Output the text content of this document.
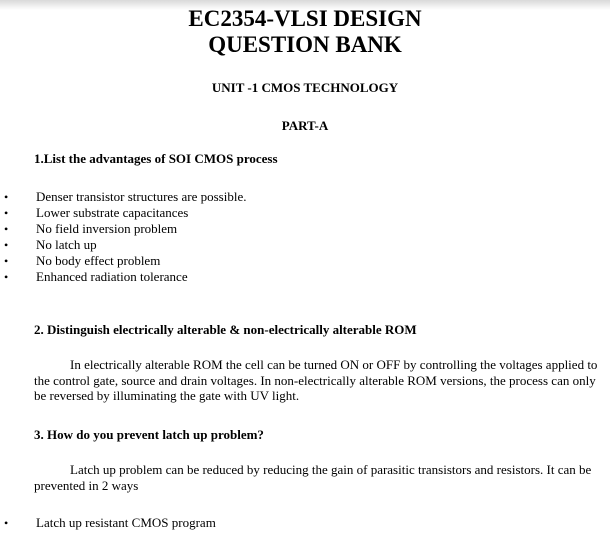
EC2354-VLSI DESIGN
QUESTION BANK

UNIT -1 CMOS TECHNOLOGY

PART-A

1.List the advantages of SOI CMOS process

• Denser transistor structures are possible.
• Lower substrate capacitances
• No field inversion problem
• No latch up
• No body effect problem
• Enhanced radiation tolerance

2. Distinguish electrically alterable & non-electrically alterable ROM

In electrically alterable ROM the cell can be turned ON or OFF by controlling the voltages applied to the control gate, source and drain voltages. In non-electrically alterable ROM versions, the process can only be reversed by illuminating the gate with UV light.

3. How do you prevent latch up problem?

Latch up problem can be reduced by reducing the gain of parasitic transistors and resistors. It can be prevented in 2 ways

• Latch up resistant CMOS program
